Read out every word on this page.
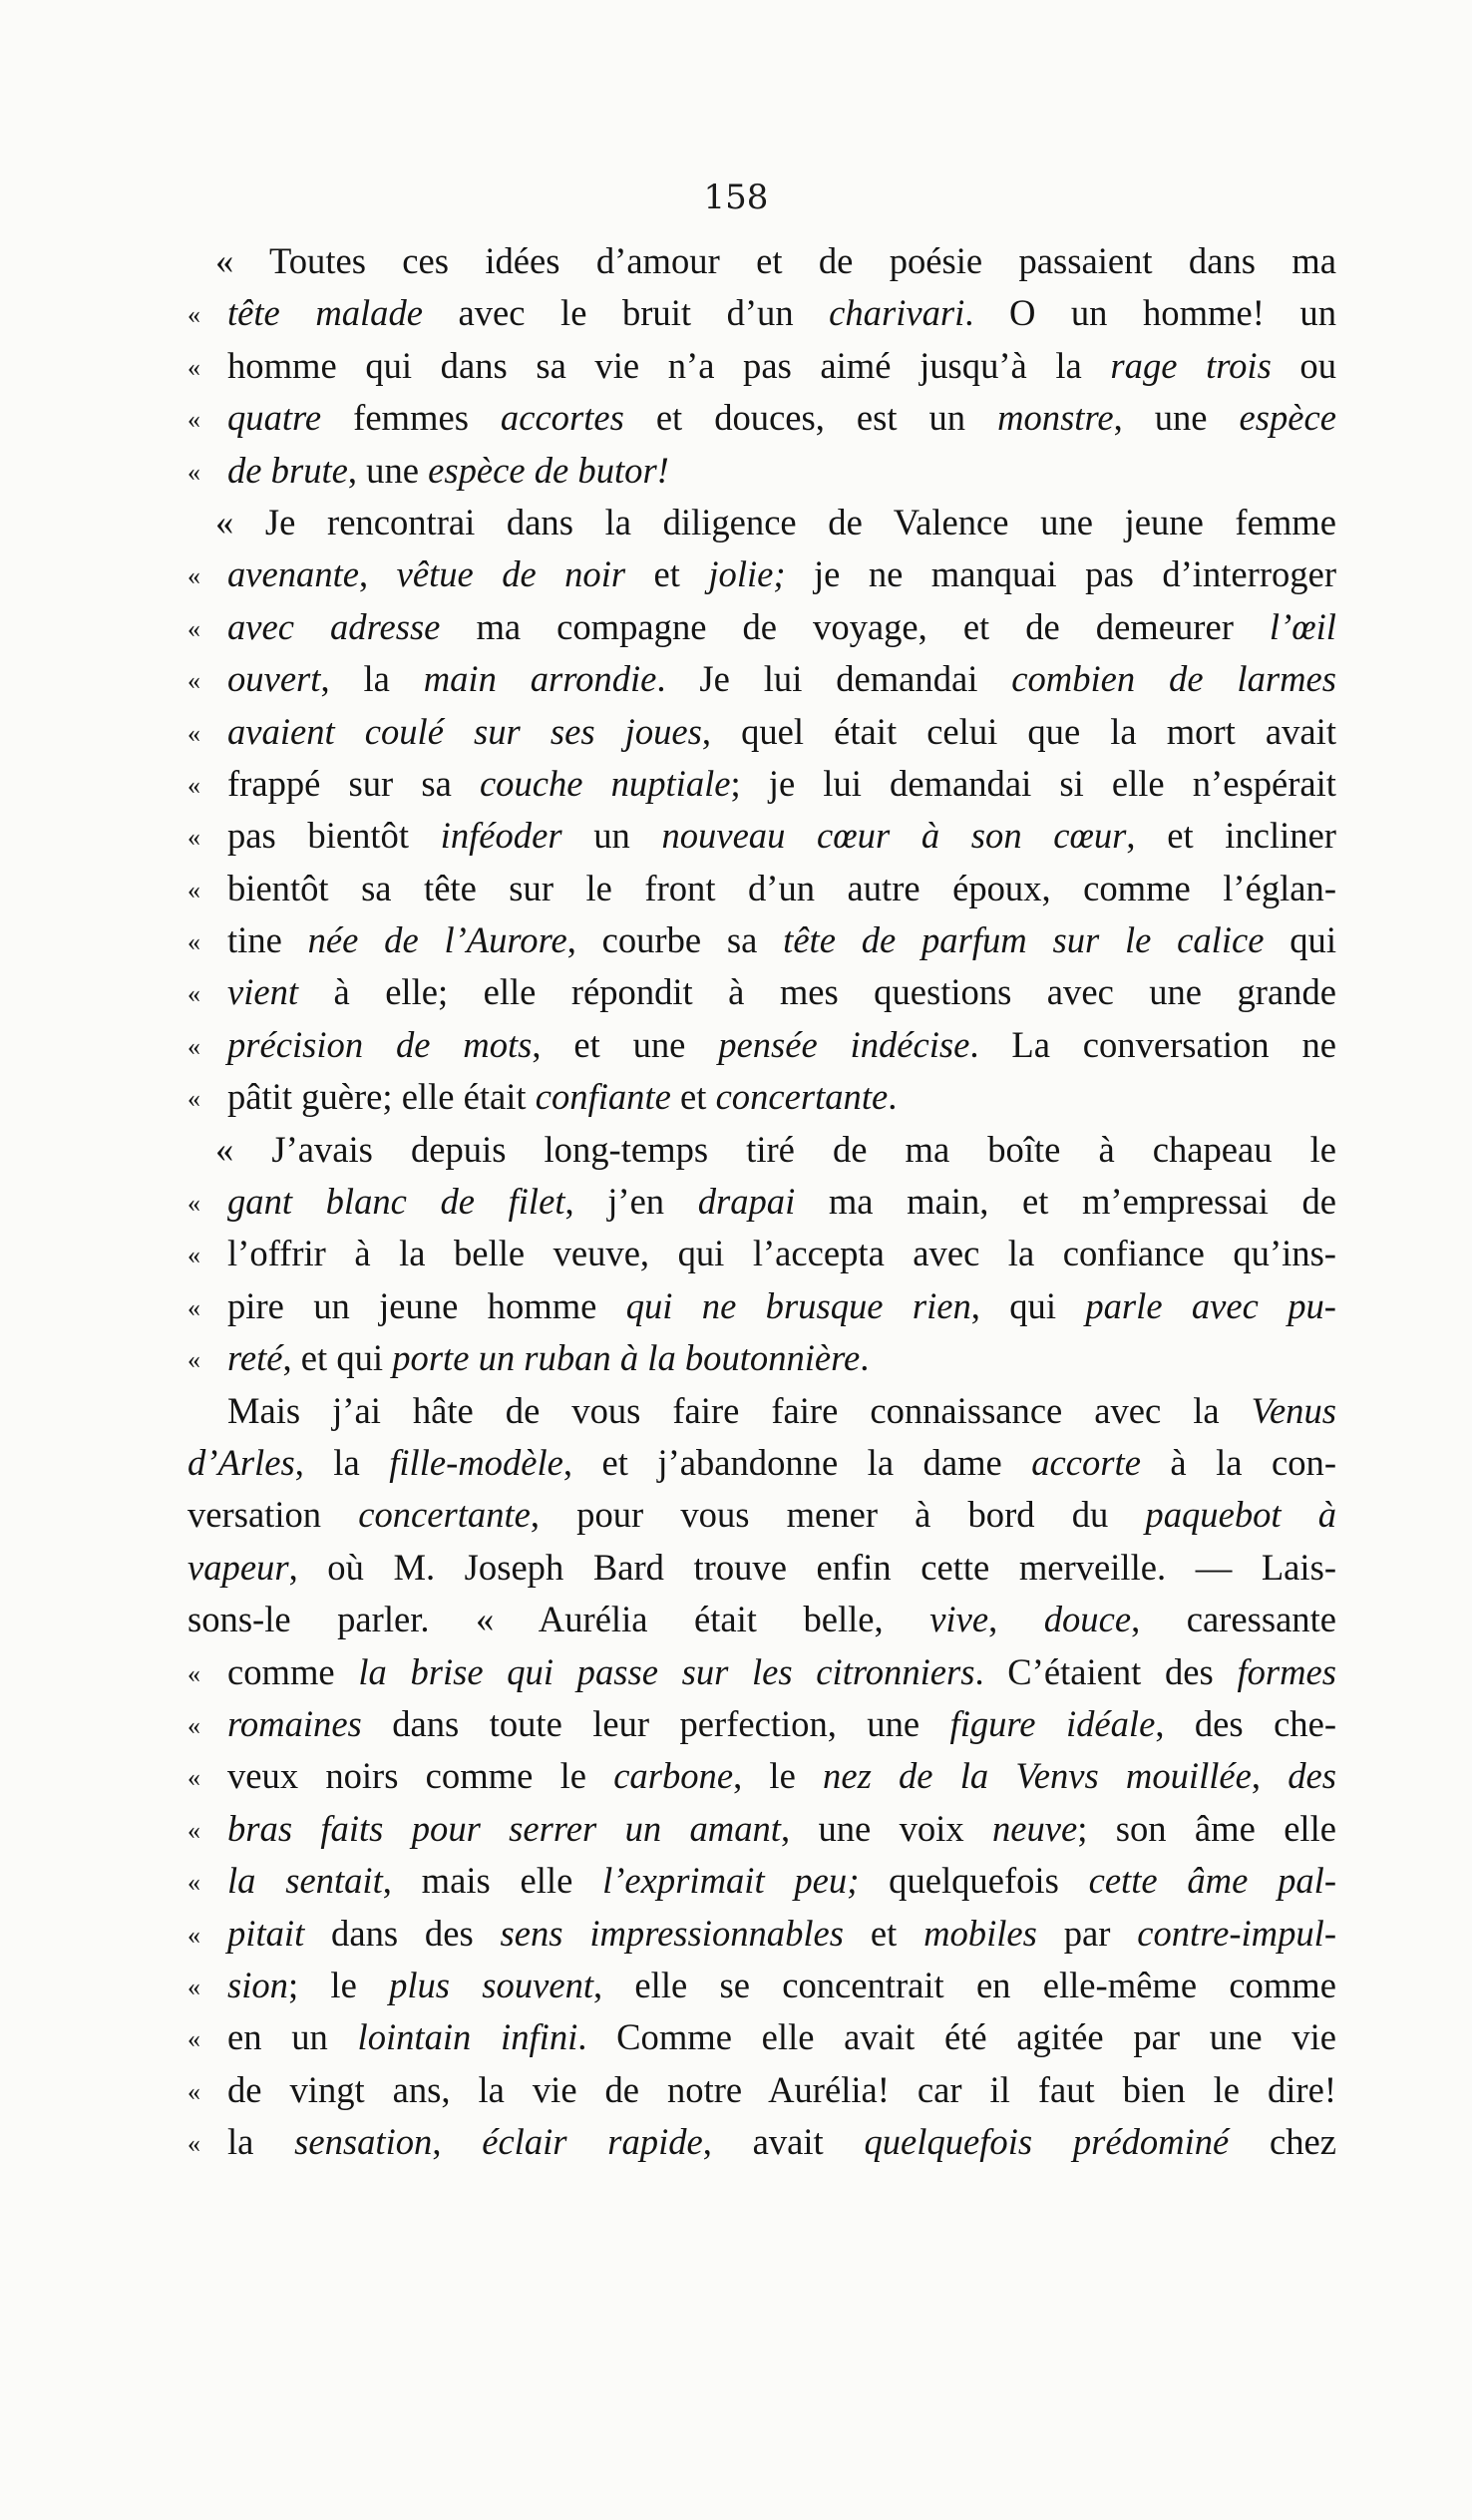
158
« Toutes ces idées d’amour et de poésie passaient dans ma
« tête malade avec le bruit d’un charivari. O un homme! un
« homme qui dans sa vie n’a pas aimé jusqu’à la rage trois ou
« quatre femmes accortes et douces, est un monstre, une espèce
« de brute, une espèce de butor!
« Je rencontrai dans la diligence de Valence une jeune femme
« avenante, vêtue de noir et jolie; je ne manquai pas d’interroger
« avec adresse ma compagne de voyage, et de demeurer l’œil
« ouvert, la main arrondie. Je lui demandai combien de larmes
« avaient coulé sur ses joues, quel était celui que la mort avait
« frappé sur sa couche nuptiale; je lui demandai si elle n’espérait
« pas bientôt inféoder un nouveau cœur à son cœur, et incliner
« bientôt sa tête sur le front d’un autre époux, comme l’églan-
« tine née de l’Aurore, courbe sa tête de parfum sur le calice qui
« vient à elle; elle répondit à mes questions avec une grande
« précision de mots, et une pensée indécise. La conversation ne
« pâtit guère; elle était confiante et concertante.
« J’avais depuis long-temps tiré de ma boîte à chapeau le
« gant blanc de filet, j’en drapai ma main, et m’empressai de
« l’offrir à la belle veuve, qui l’accepta avec la confiance qu’ins-
« pire un jeune homme qui ne brusque rien, qui parle avec pu-
« reté, et qui porte un ruban à la boutonnière.
Mais j’ai hâte de vous faire faire connaissance avec la Venus
d’Arles, la fille-modèle, et j’abandonne la dame accorte à la con-
versation concertante, pour vous mener à bord du paquebot à
vapeur, où M. Joseph Bard trouve enfin cette merveille. — Lais-
sons-le parler. « Aurélia était belle, vive, douce, caressante
« comme la brise qui passe sur les citronniers. C’étaient des formes
« romaines dans toute leur perfection, une figure idéale, des che-
« veux noirs comme le carbone, le nez de la Venvs mouillée, des
« bras faits pour serrer un amant, une voix neuve; son âme elle
« la sentait, mais elle l’exprimait peu; quelquefois cette âme pal-
« pitait dans des sens impressionnables et mobiles par contre-impul-
« sion; le plus souvent, elle se concentrait en elle-même comme
« en un lointain infini. Comme elle avait été agitée par une vie
« de vingt ans, la vie de notre Aurélia! car il faut bien le dire!
« la sensation, éclair rapide, avait quelquefois prédominé chez
